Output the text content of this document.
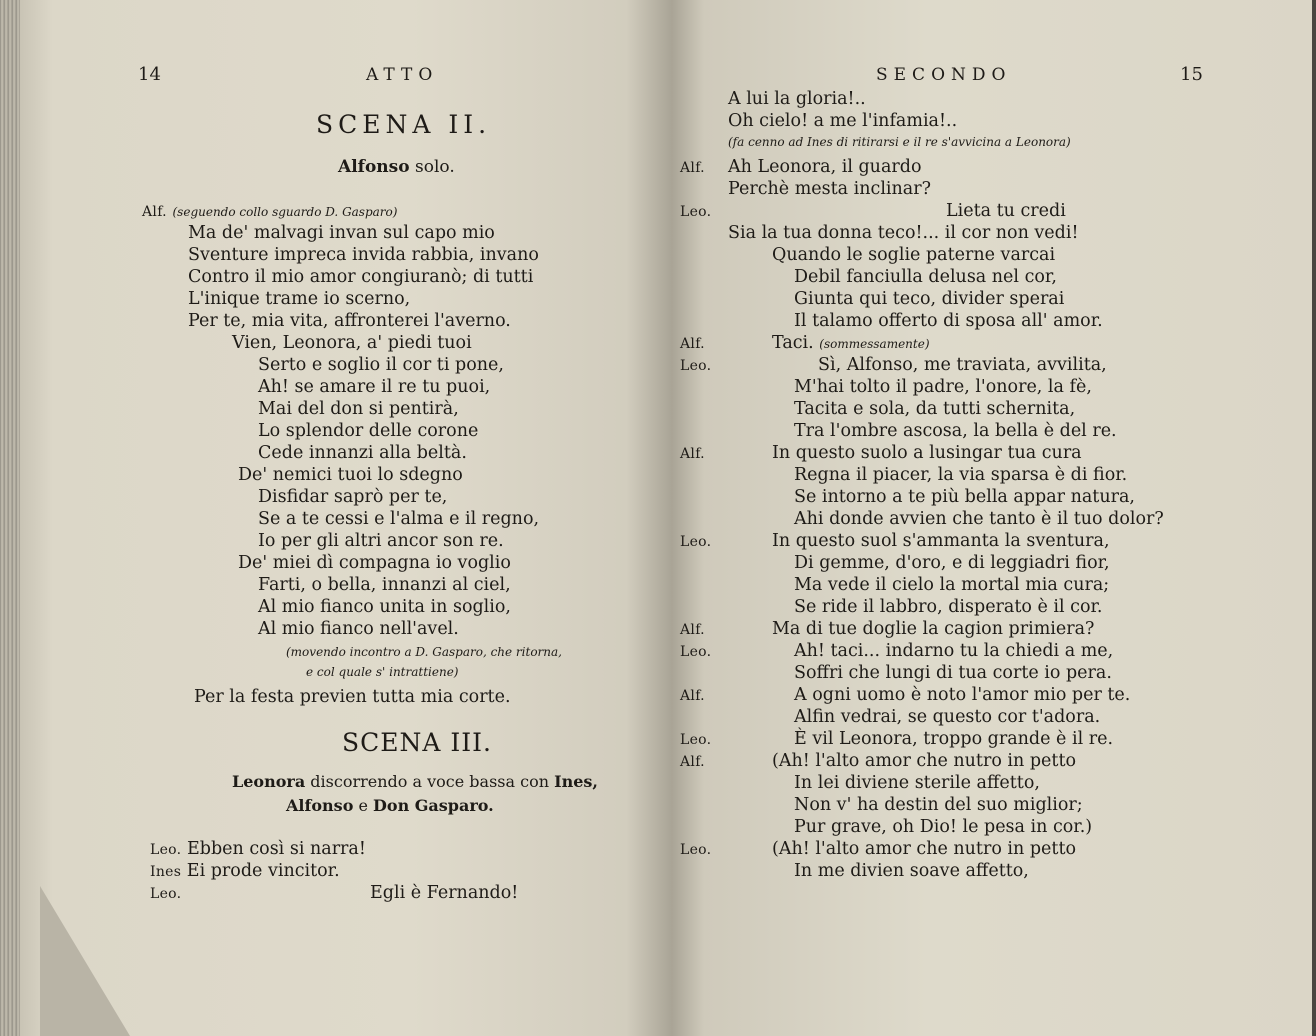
14	ATTO
SCENA II.
Alfonso solo.
Alf. (seguendo collo sguardo D. Gasparo)
Ma de' malvagi invan sul capo mio
Sventure impreca invida rabbia, invano
Contro il mio amor congiuranò; di tutti
L'inique trame io scerno,
Per te, mia vita, affronterei l'averno.
Vien, Leonora, a' piedi tuoi
Serto e soglio il cor ti pone,
Ah! se amare il re tu puoi,
Mai del don si pentirà,
Lo splendor delle corone
Cede innanzi alla beltà.
De' nemici tuoi lo sdegno
Disfidar saprò per te,
Se a te cessi e l'alma e il regno,
Io per gli altri ancor son re.
De' miei dì compagna io voglio
Farti, o bella, innanzi al ciel,
Al mio fianco unita in soglio,
Al mio fianco nell'avel.
(movendo incontro a D. Gasparo, che ritorna,
e col quale s' intrattiene)
Per la festa previen tutta mia corte.
SCENA III.
Leonora discorrendo a voce bassa con Ines,
Alfonso e Don Gasparo.
Leo. Ebben così si narra!
Ines Ei prode vincitor.
Leo.	Egli è Fernando!
SECONDO	15
A lui la gloria!..
Oh cielo! a me l'infamia!..
(fa cenno ad Ines di ritirarsi e il re s'avvicina a Leonora)
Alf. Ah Leonora, il guardo
Perchè mesta inclinar?
Leo.	Lieta tu credi
Sia la tua donna teco!... il cor non vedi!
Quando le soglie paterne varcai
Debil fanciulla delusa nel cor,
Giunta qui teco, divider sperai
Il talamo offerto di sposa all' amor.
Alf.	Taci. (sommessamente)
Leo.	Sì, Alfonso, me traviata, avvilita,
M'hai tolto il padre, l'onore, la fè,
Tacita e sola, da tutti schernita,
Tra l'ombre ascosa, la bella è del re.
Alf.	In questo suolo a lusingar tua cura
Regna il piacer, la via sparsa è di fior.
Se intorno a te più bella appar natura,
Ahi donde avvien che tanto è il tuo dolor?
Leo.	In questo suol s'ammanta la sventura,
Di gemme, d'oro, e di leggiadri fior,
Ma vede il cielo la mortal mia cura;
Se ride il labbro, disperato è il cor.
Alf.	Ma di tue doglie la cagion primiera?
Leo.	Ah! taci... indarno tu la chiedi a me,
Soffri che lungi di tua corte io pera.
Alf.	A ogni uomo è noto l'amor mio per te.
Alfin vedrai, se questo cor t'adora.
Leo.	È vil Leonora, troppo grande è il re.
Alf.	(Ah! l'alto amor che nutro in petto
In lei diviene sterile affetto,
Non v' ha destin del suo miglior;
Pur grave, oh Dio! le pesa in cor.)
Leo.	(Ah! l'alto amor che nutro in petto
In me divien soave affetto,
